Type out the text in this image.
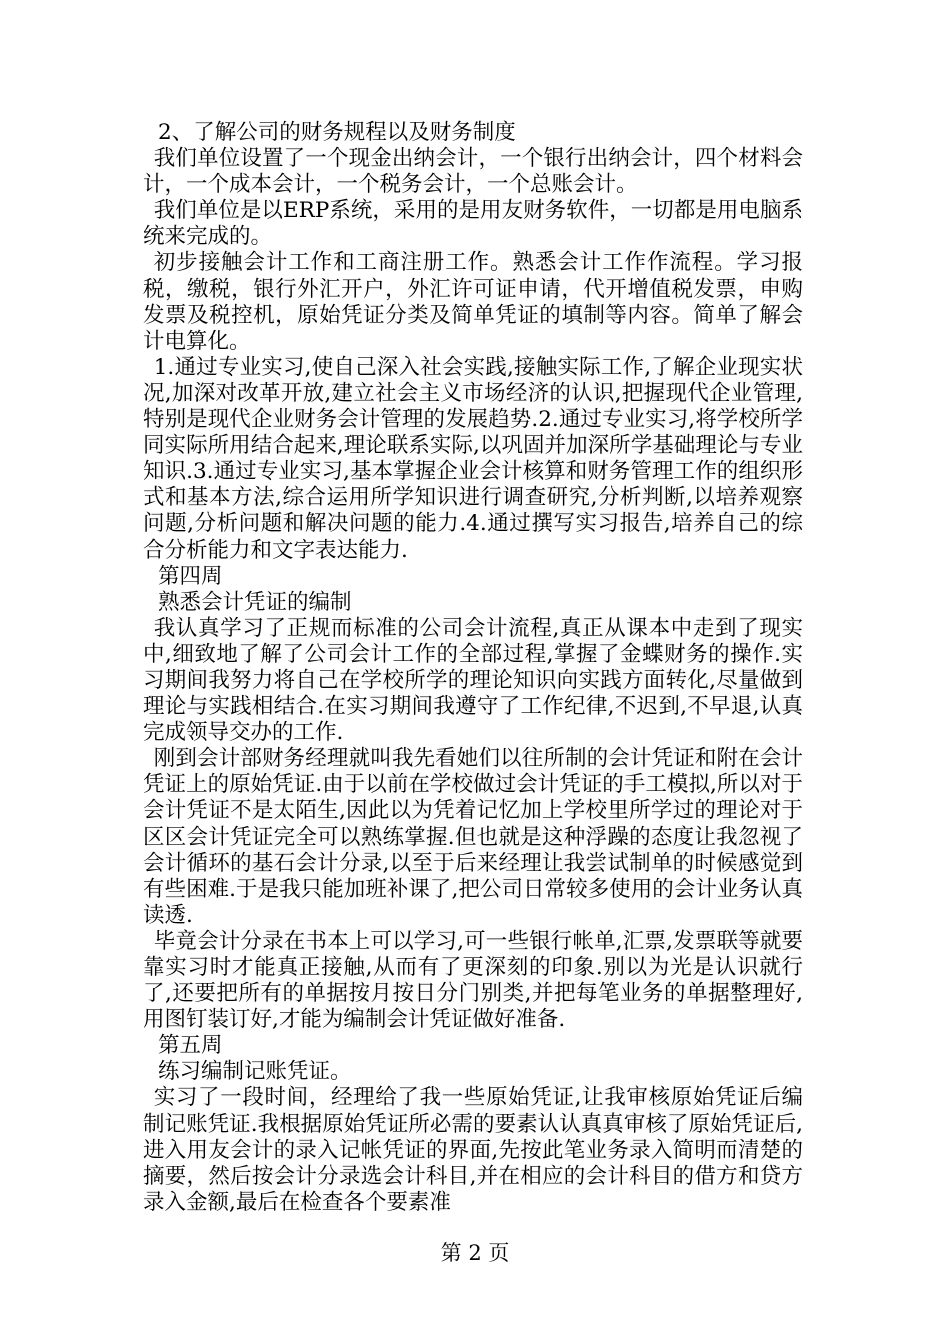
2、了解公司的财务规程以及财务制度

我们单位设置了一个现金出纳会计，一个银行出纳会计，四个材料会计，一个成本会计，一个税务会计，一个总账会计。

我们单位是以ERP系统，采用的是用友财务软件，一切都是用电脑系统来完成的。

初步接触会计工作和工商注册工作。熟悉会计工作作流程。学习报税，缴税，银行外汇开户，外汇许可证申请，代开增值税发票，申购发票及税控机，原始凭证分类及简单凭证的填制等内容。简单了解会计电算化。

1.通过专业实习,使自己深入社会实践,接触实际工作,了解企业现实状况,加深对改革开放,建立社会主义市场经济的认识,把握现代企业管理,特别是现代企业财务会计管理的发展趋势.2.通过专业实习,将学校所学同实际所用结合起来,理论联系实际,以巩固并加深所学基础理论与专业知识.3.通过专业实习,基本掌握企业会计核算和财务管理工作的组织形式和基本方法,综合运用所学知识进行调查研究,分析判断,以培养观察问题,分析问题和解决问题的能力.4.通过撰写实习报告,培养自己的综合分析能力和文字表达能力.

第四周

熟悉会计凭证的编制

我认真学习了正规而标准的公司会计流程,真正从课本中走到了现实中,细致地了解了公司会计工作的全部过程,掌握了金蝶财务的操作.实习期间我努力将自己在学校所学的理论知识向实践方面转化,尽量做到理论与实践相结合.在实习期间我遵守了工作纪律,不迟到,不早退,认真完成领导交办的工作.

刚到会计部财务经理就叫我先看她们以往所制的会计凭证和附在会计凭证上的原始凭证.由于以前在学校做过会计凭证的手工模拟,所以对于会计凭证不是太陌生,因此以为凭着记忆加上学校里所学过的理论对于区区会计凭证完全可以熟练掌握.但也就是这种浮躁的态度让我忽视了会计循环的基石会计分录,以至于后来经理让我尝试制单的时候感觉到有些困难.于是我只能加班补课了,把公司日常较多使用的会计业务认真读透.

毕竟会计分录在书本上可以学习,可一些银行帐单,汇票,发票联等就要靠实习时才能真正接触,从而有了更深刻的印象.别以为光是认识就行了,还要把所有的单据按月按日分门别类,并把每笔业务的单据整理好,用图钉装订好,才能为编制会计凭证做好准备.

第五周

练习编制记账凭证。

实习了一段时间，经理给了我一些原始凭证,让我审核原始凭证后编制记账凭证.我根据原始凭证所必需的要素认认真真审核了原始凭证后,进入用友会计的录入记帐凭证的界面,先按此笔业务录入简明而清楚的摘要，然后按会计分录选会计科目,并在相应的会计科目的借方和贷方录入金额,最后在检查各个要素准

第 2 页
